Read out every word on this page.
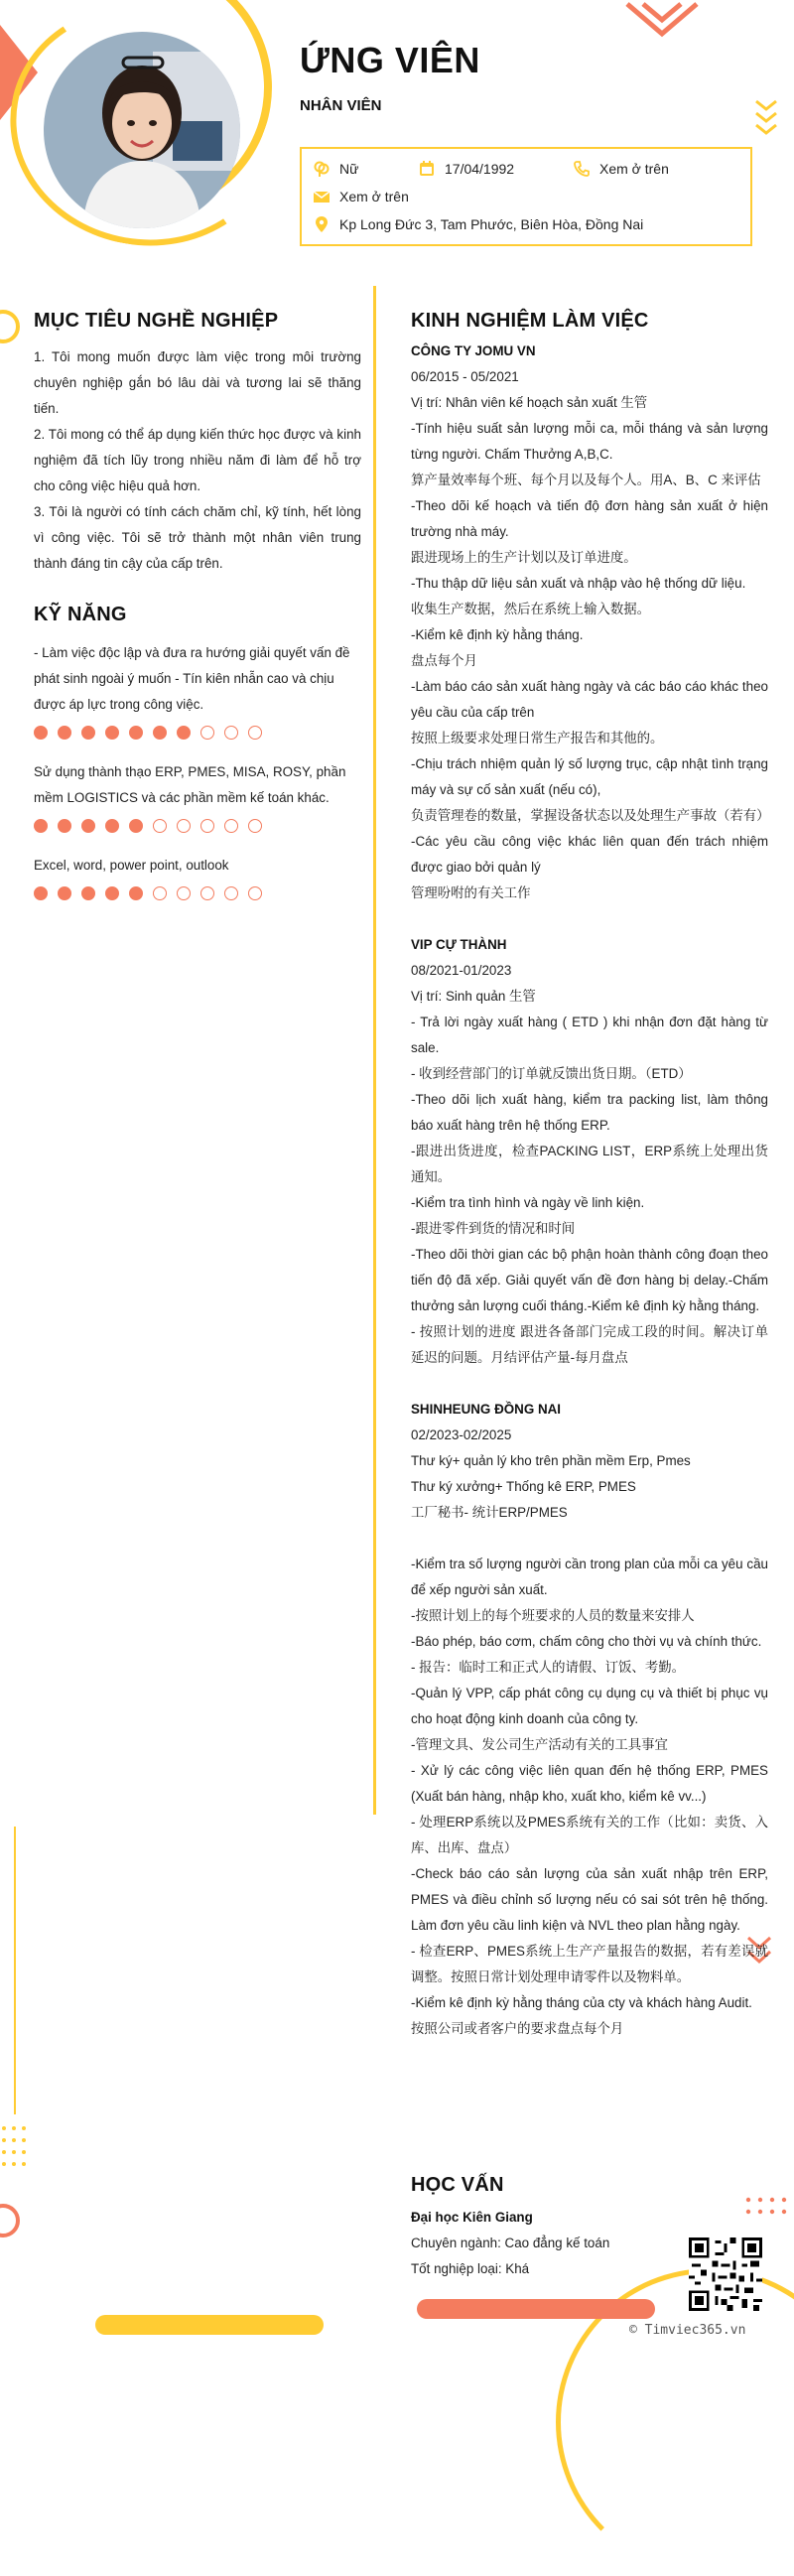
ỨNG VIÊN
NHÂN VIÊN
Nữ	17/04/1992	Xem ở trên
Xem ở trên
Kp Long Đức 3, Tam Phước, Biên Hòa, Đồng Nai
MỤC TIÊU NGHỀ NGHIỆP

1. Tôi mong muốn được làm việc trong môi trường chuyên nghiệp gắn bó lâu dài và tương lai sẽ thăng tiến.

2. Tôi mong có thể áp dụng kiến thức học được và kinh nghiệm đã tích lũy trong nhiều năm đi làm để hỗ trợ cho công việc hiệu quả hơn.

3. Tôi là người có tính cách chăm chỉ, kỹ tính, hết lòng vì công việc. Tôi sẽ trở thành một nhân viên trung thành đáng tin cậy của cấp trên.

KỸ NĂNG

- Làm việc độc lập và đưa ra hướng giải quyết vấn đề phát sinh ngoài ý muốn - Tín kiên nhẫn cao và chịu được áp lực trong công việc.

Sử dụng thành thạo ERP, PMES, MISA, ROSY, phần mềm LOGISTICS và các phần mềm kế toán khác.

Excel, word, power point, outlook

KINH NGHIỆM LÀM VIỆC
CÔNG TY JOMU VN
06/2015 - 05/2021
Vị trí: Nhân viên kế hoạch sản xuất 生管
-Tính hiệu suất sản lượng mỗi ca, mỗi tháng và sản lượng từng người. Chấm Thưởng A,B,C.
算产量效率每个班、每个月以及每个人。用A、B、C 来评估
-Theo dõi kế hoạch và tiến độ đơn hàng sản xuất ở hiện trường nhà máy.
跟进现场上的生产计划以及订单进度。
-Thu thập dữ liệu sản xuất và nhập vào hệ thống dữ liệu.
收集生产数据，然后在系统上输入数据。
-Kiểm kê định kỳ hằng tháng.
盘点每个月
-Làm báo cáo sản xuất hàng ngày và các báo cáo khác theo yêu cầu của cấp trên
按照上级要求处理日常生产报告和其他的。
-Chịu trách nhiệm quản lý số lượng trục, cập nhật tình trạng máy và sự cố sản xuất (nếu có),
负责管理卷的数量，掌握设备状态以及处理生产事故（若有）
-Các yêu cầu công việc khác liên quan đến trách nhiệm được giao bởi quản lý
管理吩咐的有关工作
VIP CỰ THÀNH
08/2021-01/2023
Vị trí: Sinh quản 生管
- Trả lời ngày xuất hàng ( ETD ) khi nhận đơn đặt hàng từ sale.
- 收到经营部门的订单就反馈出货日期。（ETD）
-Theo dõi lịch xuất hàng, kiểm tra packing list, làm thông báo xuất hàng trên hệ thống ERP.
-跟进出货进度，检查PACKING LIST，ERP系统上处理出货通知。
-Kiểm tra tình hình và ngày về linh kiện.
-跟进零件到货的情况和时间
-Theo dõi thời gian các bộ phận hoàn thành công đoạn theo tiến độ đã xếp. Giải quyết vấn đề đơn hàng bị delay.-Chấm thưởng sản lượng cuối tháng.-Kiểm kê định kỳ hằng tháng.
- 按照计划的进度 跟进各备部门完成工段的时间。解决订单延迟的问题。月结评估产量-每月盘点
SHINHEUNG ĐỒNG NAI
02/2023-02/2025
Thư ký+ quản lý kho trên phần mềm Erp, Pmes
Thư ký xưởng+ Thống kê ERP, PMES
工厂秘书- 统计ERP/PMES
-Kiểm tra số lượng người cần trong plan của mỗi ca yêu cầu để xếp người sản xuất.
-按照计划上的每个班要求的人员的数量来安排人
-Báo phép, báo cơm, chấm công cho thời vụ và chính thức.
- 报告：临时工和正式人的请假、订饭、考勤。
-Quản lý VPP, cấp phát công cụ dụng cụ và thiết bị phục vụ cho hoạt động kinh doanh của công ty.
-管理文具、发公司生产活动有关的工具事宜
- Xử lý các công việc liên quan đến hệ thống ERP, PMES (Xuất bán hàng, nhập kho, xuất kho, kiểm kê vv...)
- 处理ERP系统以及PMES系统有关的工作（比如：卖货、入库、出库、盘点）
-Check báo cáo sản lượng của sản xuất nhập trên ERP, PMES và điều chỉnh số lượng nếu có sai sót trên hệ thống. Làm đơn yêu cầu linh kiện và NVL theo plan hằng ngày.
- 检查ERP、PMES系统上生产产量报告的数据，若有差误就调整。按照日常计划处理申请零件以及物料单。
-Kiểm kê định kỳ hằng tháng của cty và khách hàng Audit.
按照公司或者客户的要求盘点每个月
HỌC VẤN
Đại học Kiên Giang
Chuyên ngành: Cao đẳng kế toán
Tốt nghiệp loại: Khá
© Timviec365.vn
